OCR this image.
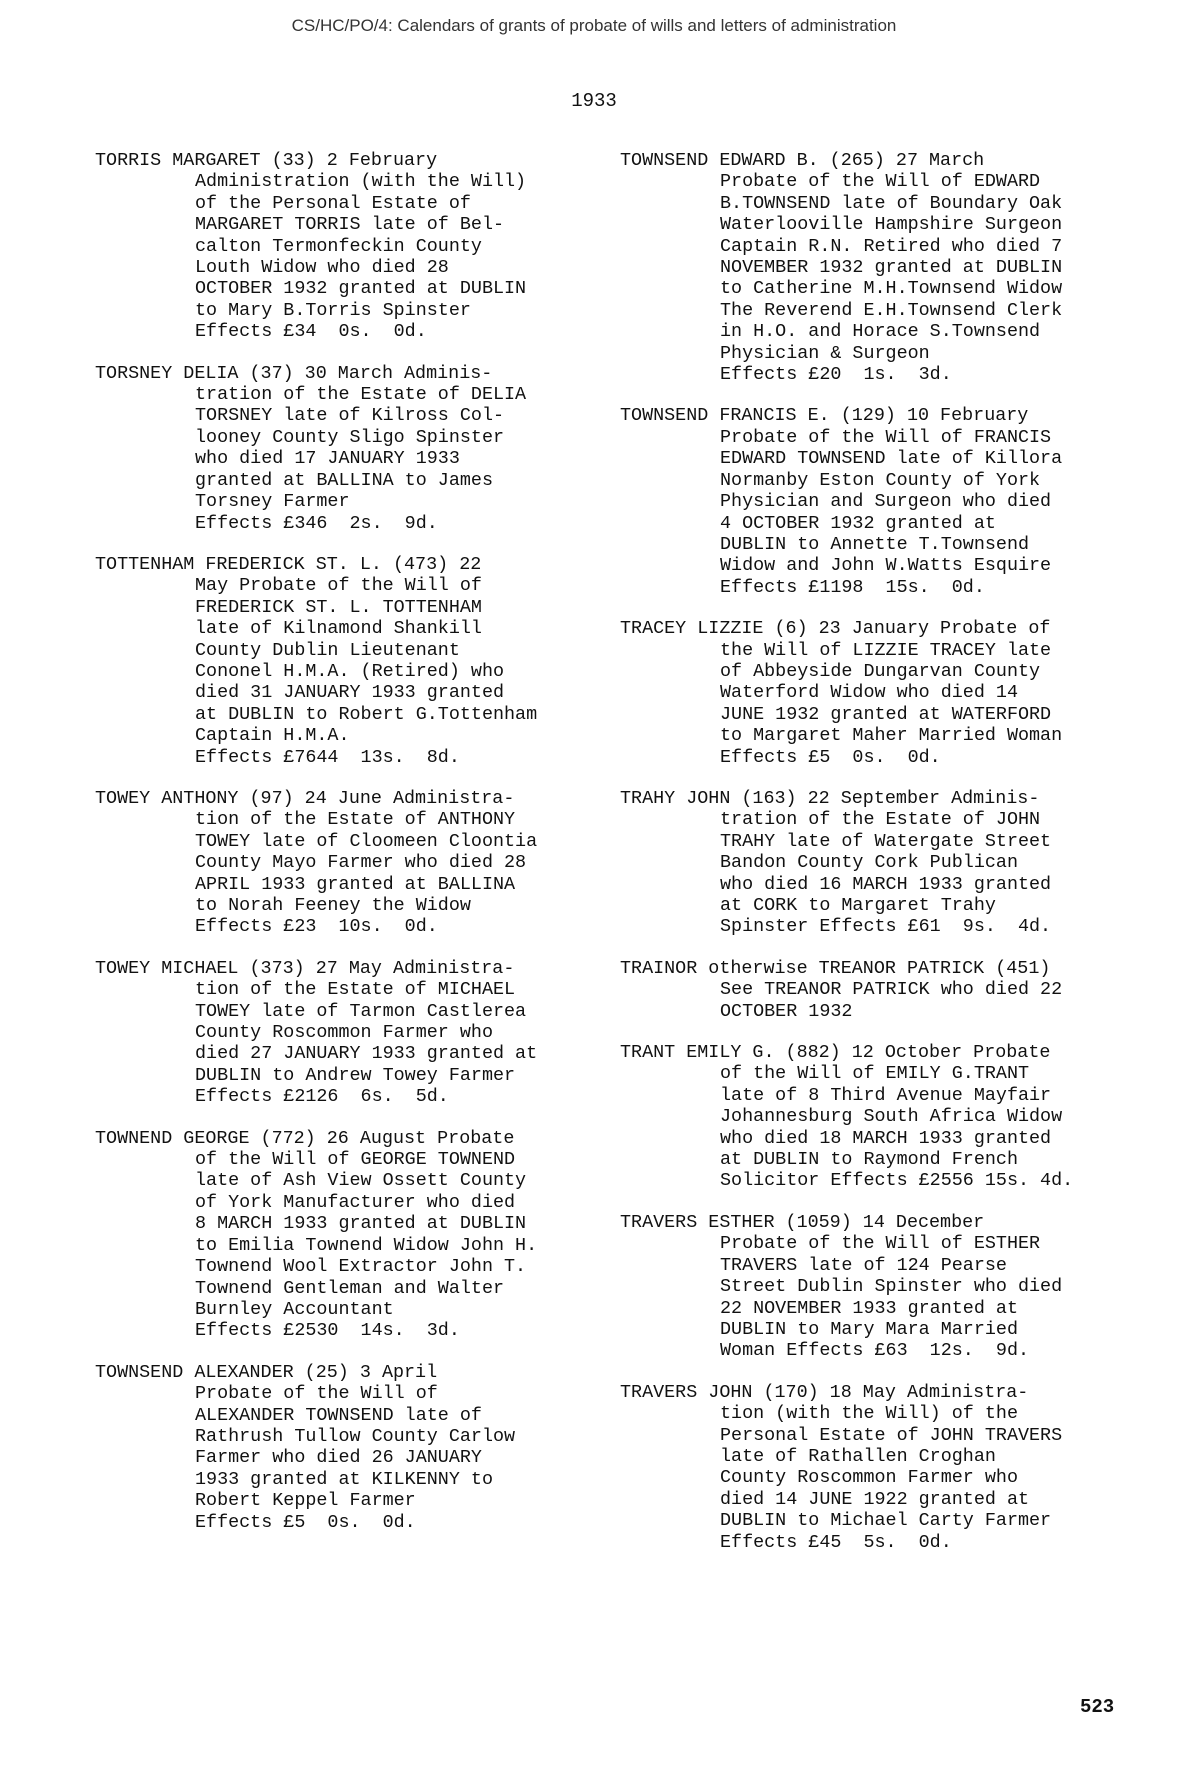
CS/HC/PO/4: Calendars of grants of probate of wills and letters of administration
1933
TORRIS MARGARET (33) 2 February
Administration (with the Will)
of the Personal Estate of
MARGARET TORRIS late of Bel-
calton Termonfeckin County
Louth Widow who died 28
OCTOBER 1932 granted at DUBLIN
to Mary B.Torris Spinster
Effects £34  0s.  0d.
TORSNEY DELIA (37) 30 March Adminis-
tration of the Estate of DELIA
TORSNEY late of Kilross Col-
looney County Sligo Spinster
who died 17 JANUARY 1933
granted at BALLINA to James
Torsney Farmer
Effects £346  2s.  9d.
TOTTENHAM FREDERICK ST. L. (473) 22
May Probate of the Will of
FREDERICK ST. L. TOTTENHAM
late of Kilnamond Shankill
County Dublin Lieutenant
Cononel H.M.A. (Retired) who
died 31 JANUARY 1933 granted
at DUBLIN to Robert G.Tottenham
Captain H.M.A.
Effects £7644  13s.  8d.
TOWEY ANTHONY (97) 24 June Administra-
tion of the Estate of ANTHONY
TOWEY late of Cloomeen Cloontia
County Mayo Farmer who died 28
APRIL 1933 granted at BALLINA
to Norah Feeney the Widow
Effects £23  10s.  0d.
TOWEY MICHAEL (373) 27 May Administra-
tion of the Estate of MICHAEL
TOWEY late of Tarmon Castlerea
County Roscommon Farmer who
died 27 JANUARY 1933 granted at
DUBLIN to Andrew Towey Farmer
Effects £2126  6s.  5d.
TOWNEND GEORGE (772) 26 August Probate
of the Will of GEORGE TOWNEND
late of Ash View Ossett County
of York Manufacturer who died
8 MARCH 1933 granted at DUBLIN
to Emilia Townend Widow John H.
Townend Wool Extractor John T.
Townend Gentleman and Walter
Burnley Accountant
Effects £2530  14s.  3d.
TOWNSEND ALEXANDER (25) 3 April
Probate of the Will of
ALEXANDER TOWNSEND late of
Rathrush Tullow County Carlow
Farmer who died 26 JANUARY
1933 granted at KILKENNY to
Robert Keppel Farmer
Effects £5  0s.  0d.
TOWNSEND EDWARD B. (265) 27 March
Probate of the Will of EDWARD
B.TOWNSEND late of Boundary Oak
Waterlooville Hampshire Surgeon
Captain R.N. Retired who died 7
NOVEMBER 1932 granted at DUBLIN
to Catherine M.H.Townsend Widow
The Reverend E.H.Townsend Clerk
in H.O. and Horace S.Townsend
Physician & Surgeon
Effects £20  1s.  3d.
TOWNSEND FRANCIS E. (129) 10 February
Probate of the Will of FRANCIS
EDWARD TOWNSEND late of Killora
Normanby Eston County of York
Physician and Surgeon who died
4 OCTOBER 1932 granted at
DUBLIN to Annette T.Townsend
Widow and John W.Watts Esquire
Effects £1198  15s.  0d.
TRACEY LIZZIE (6) 23 January Probate of
the Will of LIZZIE TRACEY late
of Abbeyside Dungarvan County
Waterford Widow who died 14
JUNE 1932 granted at WATERFORD
to Margaret Maher Married Woman
Effects £5  0s.  0d.
TRAHY JOHN (163) 22 September Adminis-
tration of the Estate of JOHN
TRAHY late of Watergate Street
Bandon County Cork Publican
who died 16 MARCH 1933 granted
at CORK to Margaret Trahy
Spinster Effects £61  9s.  4d.
TRAINOR otherwise TREANOR PATRICK (451)
See TREANOR PATRICK who died 22
OCTOBER 1932
TRANT EMILY G. (882) 12 October Probate
of the Will of EMILY G.TRANT
late of 8 Third Avenue Mayfair
Johannesburg South Africa Widow
who died 18 MARCH 1933 granted
at DUBLIN to Raymond French
Solicitor Effects £2556 15s. 4d.
TRAVERS ESTHER (1059) 14 December
Probate of the Will of ESTHER
TRAVERS late of 124 Pearse
Street Dublin Spinster who died
22 NOVEMBER 1933 granted at
DUBLIN to Mary Mara Married
Woman Effects £63  12s.  9d.
TRAVERS JOHN (170) 18 May Administra-
tion (with the Will) of the
Personal Estate of JOHN TRAVERS
late of Rathallen Croghan
County Roscommon Farmer who
died 14 JUNE 1922 granted at
DUBLIN to Michael Carty Farmer
Effects £45  5s.  0d.
523
